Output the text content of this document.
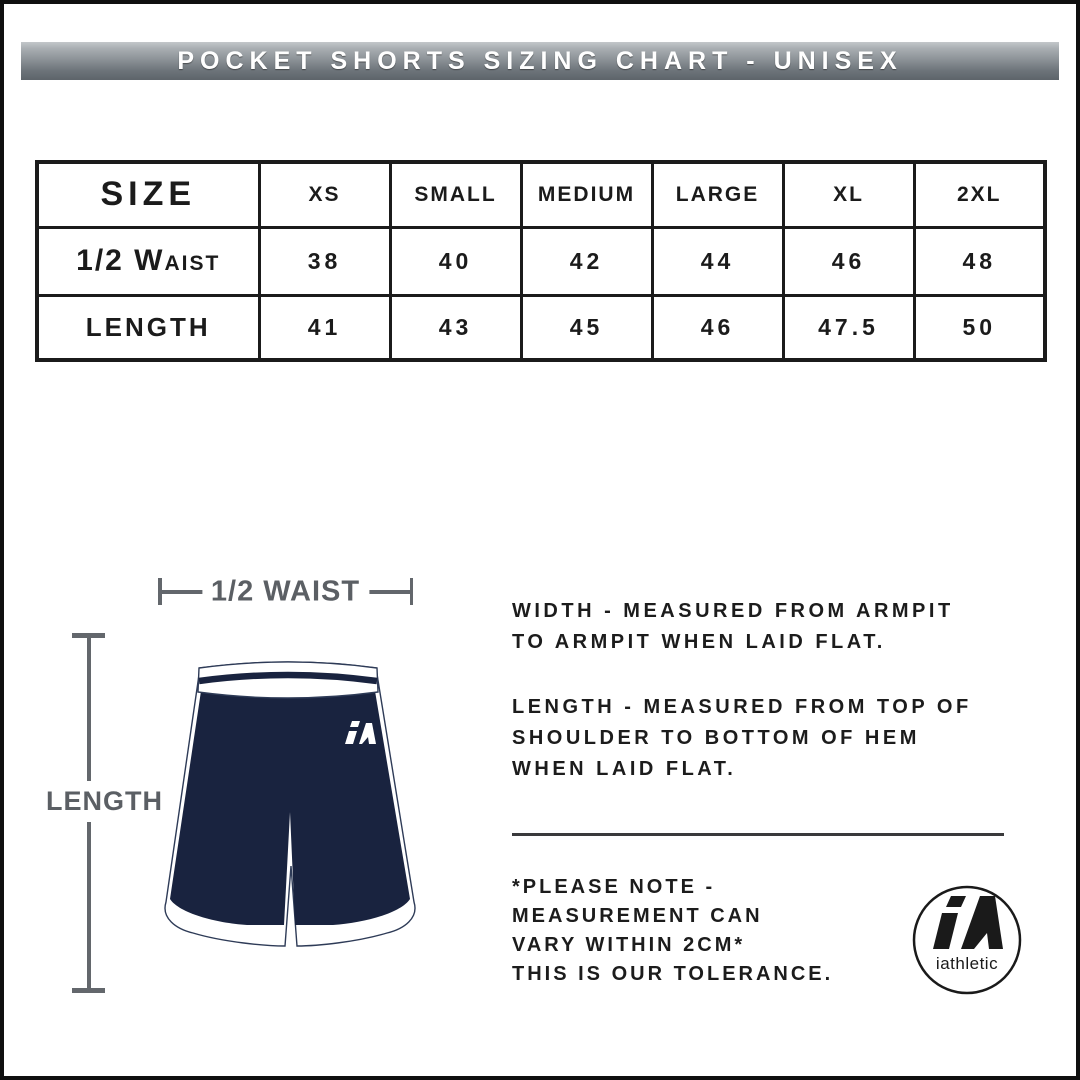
POCKET SHORTS SIZING CHART - UNISEX
SIZE	XS	SMALL	MEDIUM	LARGE	XL	2XL
1/2 Waist	38	40	42	44	46	48
LENGTH	41	43	45	46	47.5	50
1/2 WAIST
LENGTH
WIDTH - MEASURED FROM ARMPIT
TO ARMPIT WHEN LAID FLAT.
LENGTH - MEASURED FROM TOP OF
SHOULDER TO BOTTOM OF HEM
WHEN LAID FLAT.
*PLEASE NOTE -
MEASUREMENT CAN
VARY WITHIN 2CM*
THIS IS OUR TOLERANCE.	iathletic
